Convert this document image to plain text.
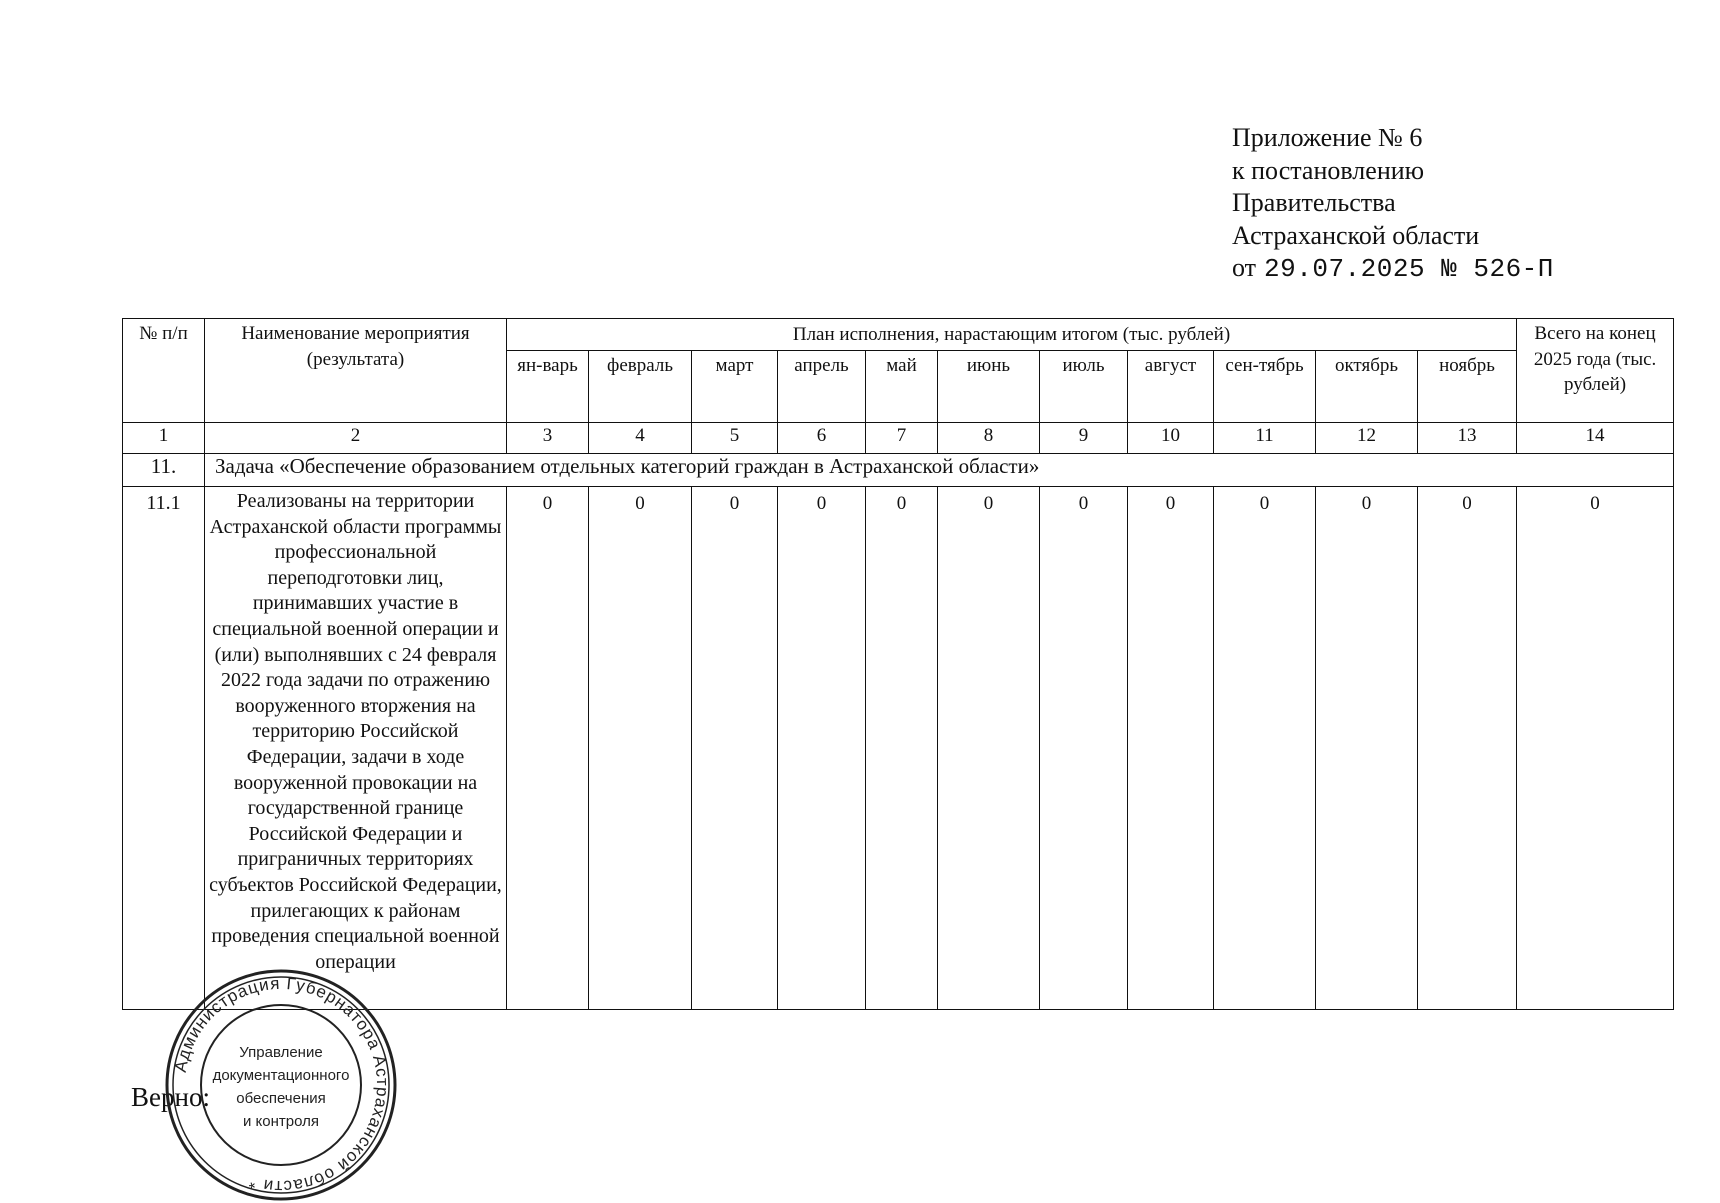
Приложение № 6
к постановлению
Правительства
Астраханской области
от 29.07.2025 № 526-П
№ п/п	Наименование мероприятия (результата)	План исполнения, нарастающим итогом (тыс. рублей)											Всего на конец 2025 года (тыс. рублей)
		ян-варь	февраль	март	апрель	май	июнь	июль	август	сен-тябрь	октябрь	ноябрь	
1	2	3	4	5	6	7	8	9	10	11	12	13	14
11.	Задача «Обеспечение образованием отдельных категорий граждан в Астраханской области»												
11.1	Реализованы на территории Астраханской области программы профессиональной переподготовки лиц, принимавших участие в специальной военной операции и (или) выполнявших с 24 февраля 2022 года задачи по отражению вооруженного вторжения на территорию Российской Федерации, задачи в ходе вооруженной провокации на государственной границе Российской Федерации и приграничных территориях субъектов Российской Федерации, прилегающих к районам проведения специальной военной операции	0	0	0	0	0	0	0	0	0	0	0	0
Верно:
Администрация Губернатора Астраханской области *
Управление
документационного
обеспечения
и контроля
